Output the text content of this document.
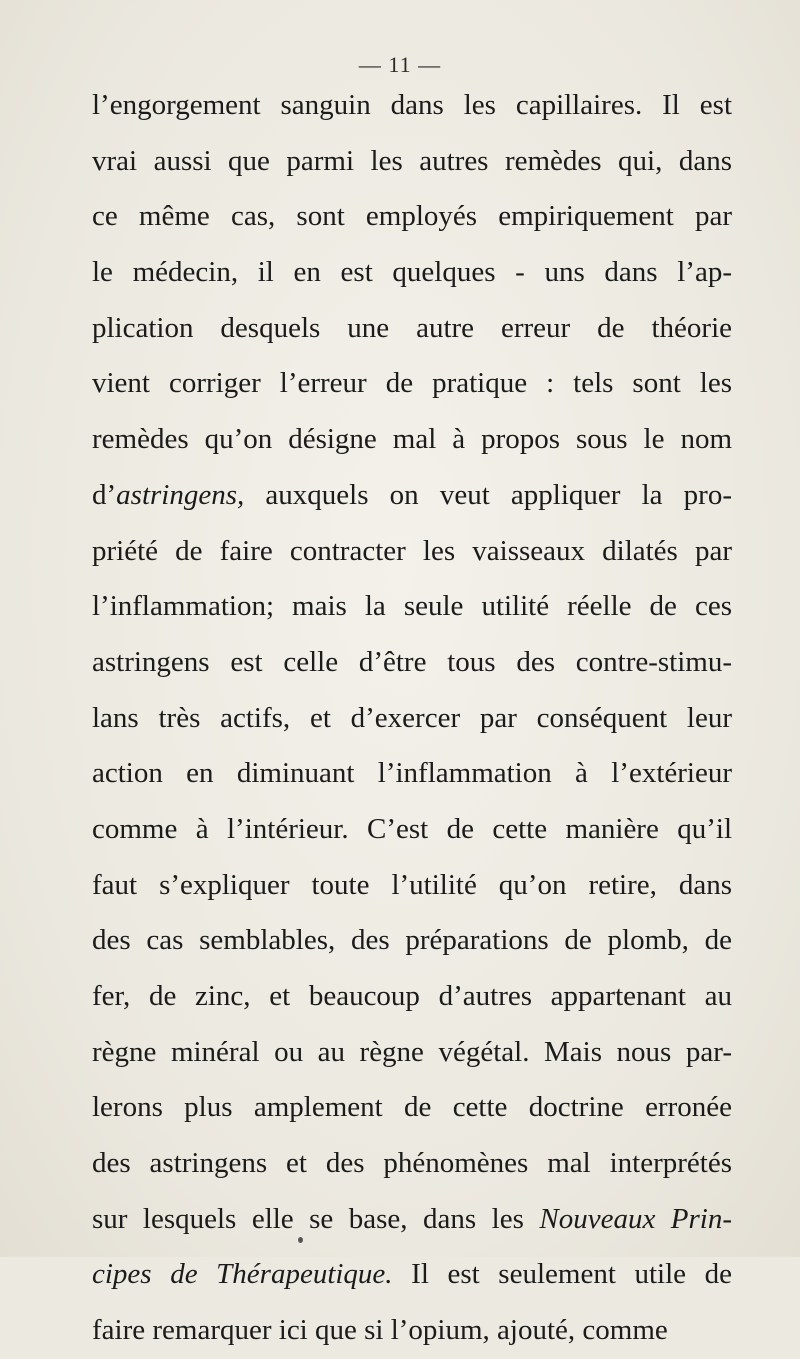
— 11 —
l’engorgement sanguin dans les capillaires. Il est
vrai aussi que parmi les autres remèdes qui, dans
ce même cas, sont employés empiriquement par
le médecin, il en est quelques - uns dans l’ap-
plication desquels une autre erreur de théorie
vient corriger l’erreur de pratique : tels sont les
remèdes qu’on désigne mal à propos sous le nom
d’astringens, auxquels on veut appliquer la pro-
priété de faire contracter les vaisseaux dilatés par
l’inflammation; mais la seule utilité réelle de ces
astringens est celle d’être tous des contre-stimu-
lans très actifs, et d’exercer par conséquent leur
action en diminuant l’inflammation à l’extérieur
comme à l’intérieur. C’est de cette manière qu’il
faut s’expliquer toute l’utilité qu’on retire, dans
des cas semblables, des préparations de plomb, de
fer, de zinc, et beaucoup d’autres appartenant au
règne minéral ou au règne végétal. Mais nous par-
lerons plus amplement de cette doctrine erronée
des astringens et des phénomènes mal interprétés
sur lesquels elle se base, dans les Nouveaux Prin-
cipes de Thérapeutique. Il est seulement utile de
faire remarquer ici que si l’opium, ajouté, comme
